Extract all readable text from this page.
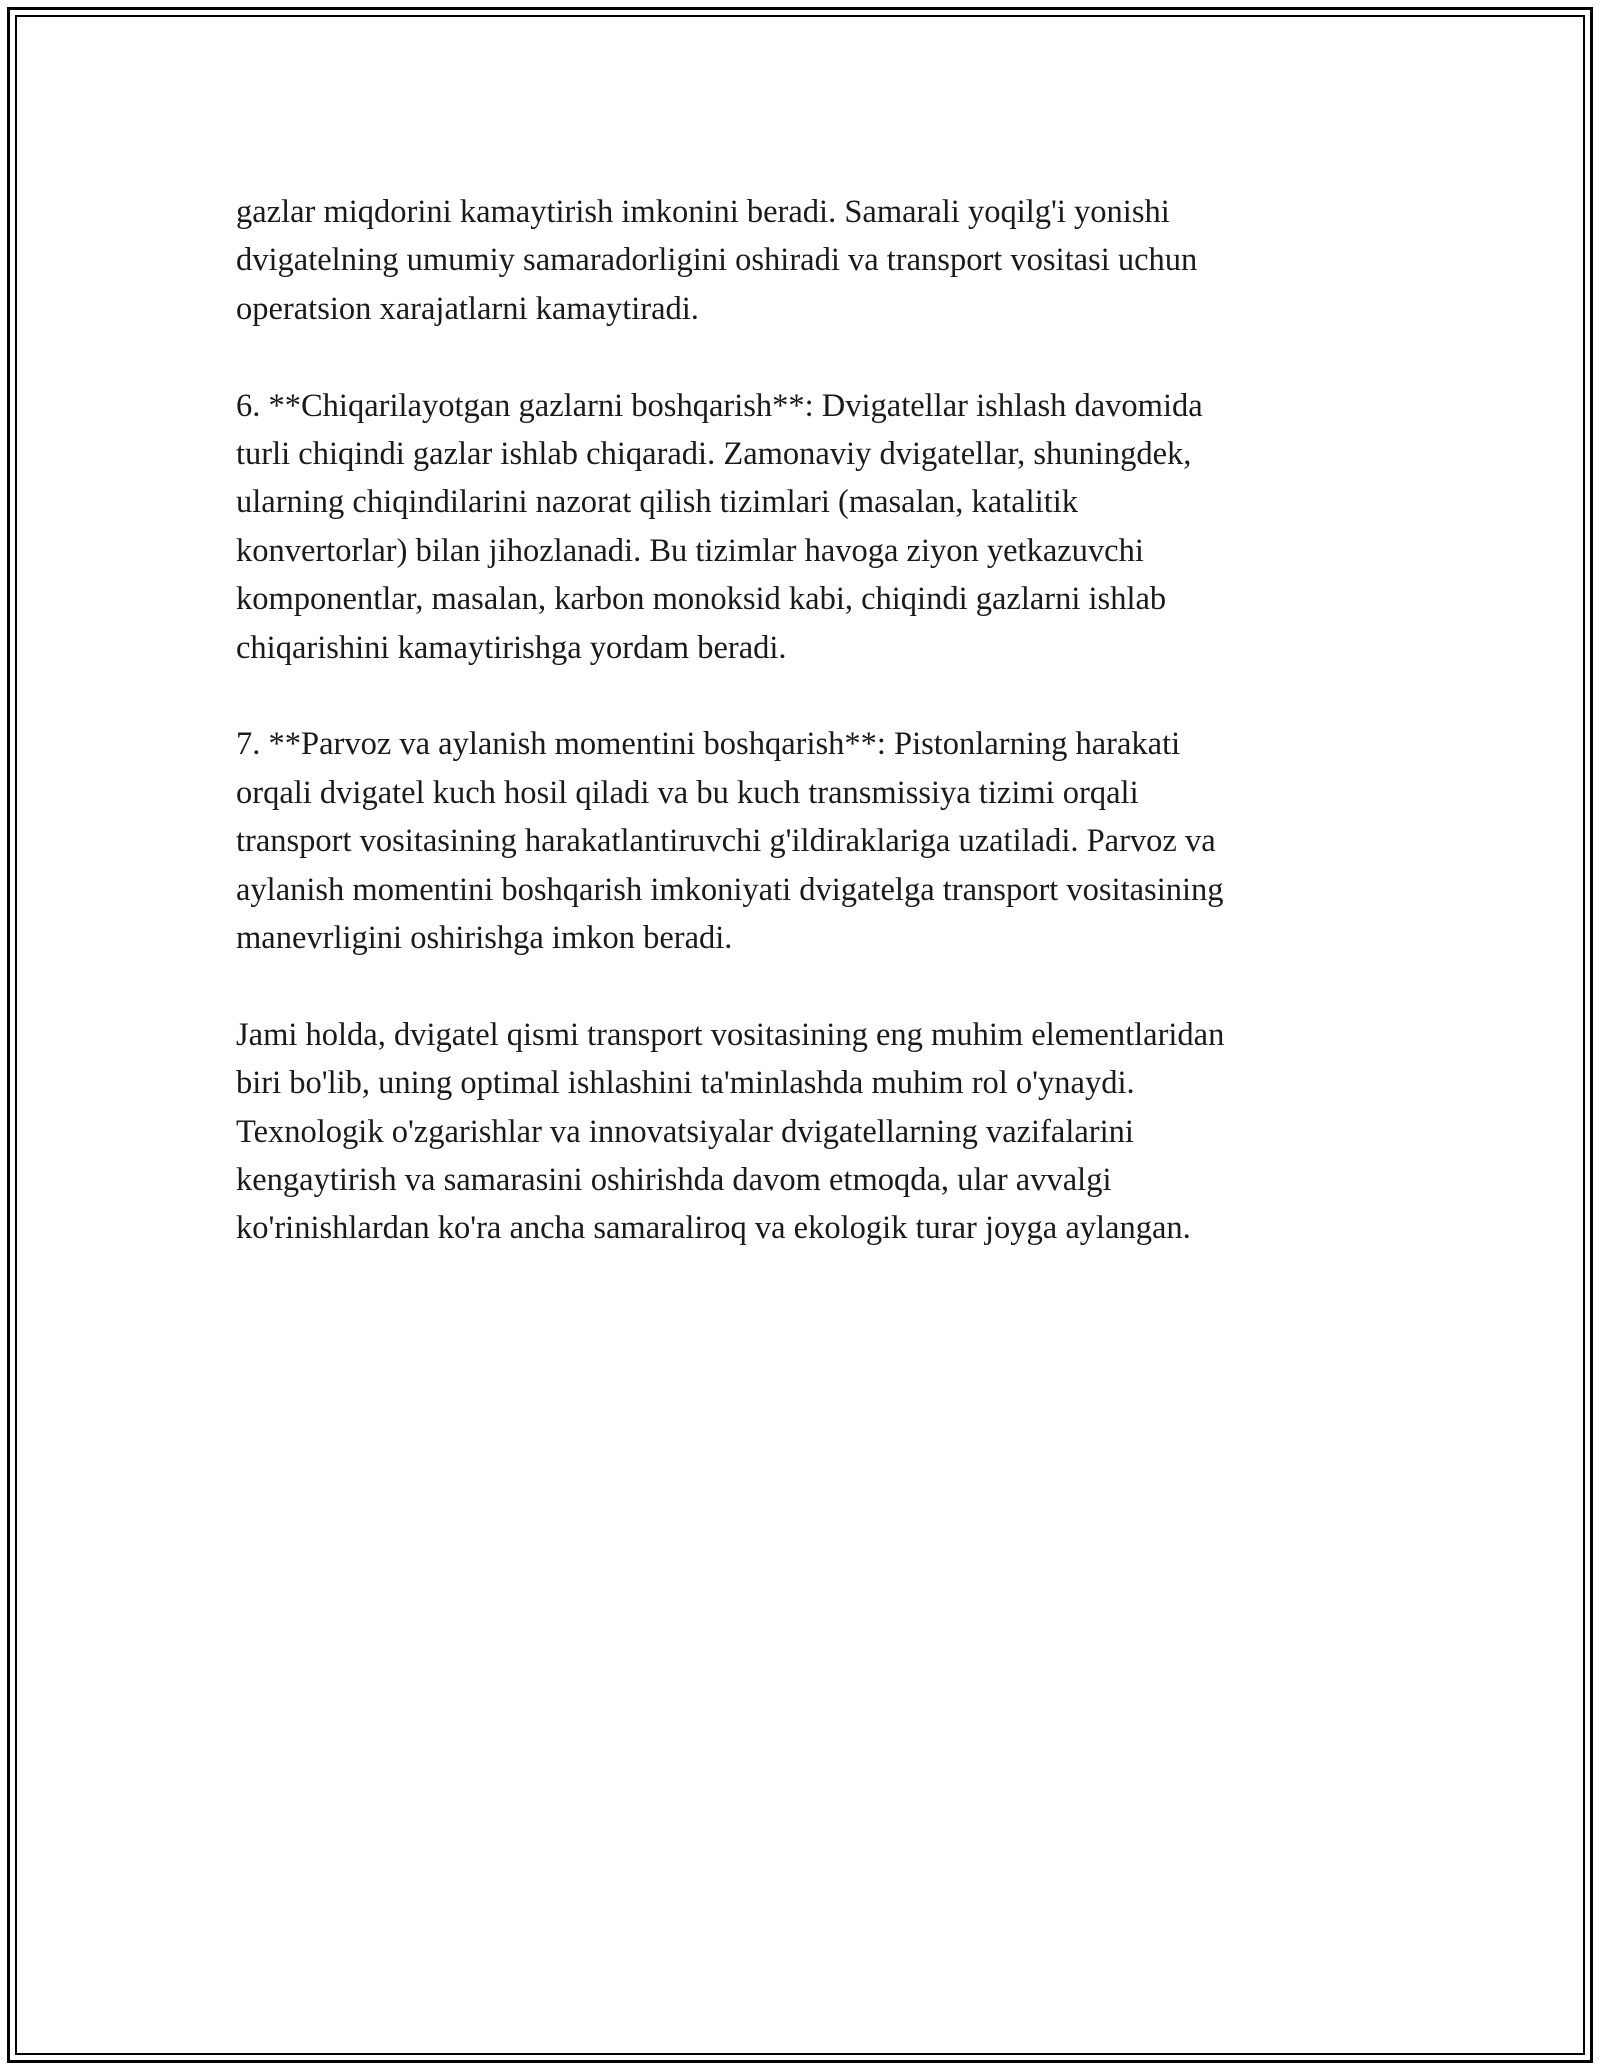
gazlar miqdorini kamaytirish imkonini beradi. Samarali yoqilg'i yonishi
dvigatelning umumiy samaradorligini oshiradi va transport vositasi uchun
operatsion xarajatlarni kamaytiradi.

6. **Chiqarilayotgan gazlarni boshqarish**: Dvigatellar ishlash davomida
turli chiqindi gazlar ishlab chiqaradi. Zamonaviy dvigatellar, shuningdek,
ularning chiqindilarini nazorat qilish tizimlari (masalan, katalitik
konvertorlar) bilan jihozlanadi. Bu tizimlar havoga ziyon yetkazuvchi
komponentlar, masalan, karbon monoksid kabi, chiqindi gazlarni ishlab
chiqarishini kamaytirishga yordam beradi.

7. **Parvoz va aylanish momentini boshqarish**: Pistonlarning harakati
orqali dvigatel kuch hosil qiladi va bu kuch transmissiya tizimi orqali
transport vositasining harakatlantiruvchi g'ildiraklariga uzatiladi. Parvoz va
aylanish momentini boshqarish imkoniyati dvigatelga transport vositasining
manevrligini oshirishga imkon beradi.

Jami holda, dvigatel qismi transport vositasining eng muhim elementlaridan
biri bo'lib, uning optimal ishlashini ta'minlashda muhim rol o'ynaydi.
Texnologik o'zgarishlar va innovatsiyalar dvigatellarning vazifalarini
kengaytirish va samarasini oshirishda davom etmoqda, ular avvalgi
ko'rinishlardan ko'ra ancha samaraliroq va ekologik turar joyga aylangan.
